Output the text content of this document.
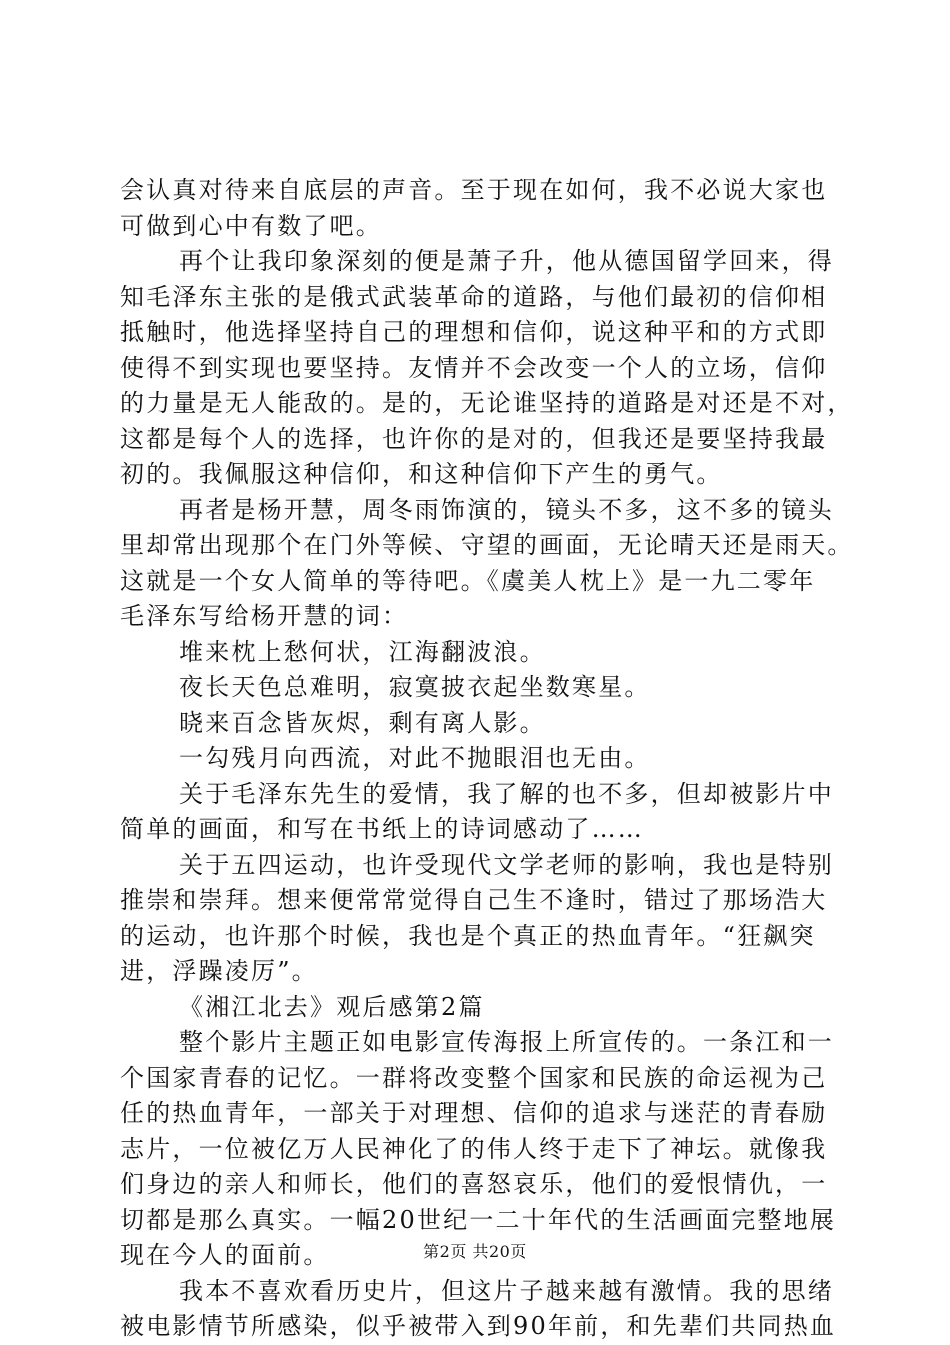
会认真对待来自底层的声音。至于现在如何，我不必说大家也
可做到心中有数了吧。
再个让我印象深刻的便是萧子升，他从德国留学回来，得
知毛泽东主张的是俄式武装革命的道路，与他们最初的信仰相
抵触时，他选择坚持自己的理想和信仰，说这种平和的方式即
使得不到实现也要坚持。友情并不会改变一个人的立场，信仰
的力量是无人能敌的。是的，无论谁坚持的道路是对还是不对，
这都是每个人的选择，也许你的是对的，但我还是要坚持我最
初的。我佩服这种信仰，和这种信仰下产生的勇气。
再者是杨开慧，周冬雨饰演的，镜头不多，这不多的镜头
里却常出现那个在门外等候、守望的画面，无论晴天还是雨天。
这就是一个女人简单的等待吧。《虞美人枕上》是一九二零年
毛泽东写给杨开慧的词：
堆来枕上愁何状，江海翻波浪。
夜长天色总难明，寂寞披衣起坐数寒星。
晓来百念皆灰烬，剩有离人影。
一勾残月向西流，对此不抛眼泪也无由。
关于毛泽东先生的爱情，我了解的也不多，但却被影片中
简单的画面，和写在书纸上的诗词感动了……
关于五四运动，也许受现代文学老师的影响，我也是特别
推崇和崇拜。想来便常常觉得自己生不逢时，错过了那场浩大
的运动，也许那个时候，我也是个真正的热血青年。“狂飙突
进，浮躁凌厉”。
《湘江北去》观后感第2篇
整个影片主题正如电影宣传海报上所宣传的。一条江和一
个国家青春的记忆。一群将改变整个国家和民族的命运视为己
任的热血青年，一部关于对理想、信仰的追求与迷茫的青春励
志片，一位被亿万人民神化了的伟人终于走下了神坛。就像我
们身边的亲人和师长，他们的喜怒哀乐，他们的爱恨情仇，一
切都是那么真实。一幅20世纪一二十年代的生活画面完整地展
现在今人的面前。
我本不喜欢看历史片，但这片子越来越有激情。我的思绪
被电影情节所感染，似乎被带入到90年前，和先辈们共同热血
第2页 共20页
